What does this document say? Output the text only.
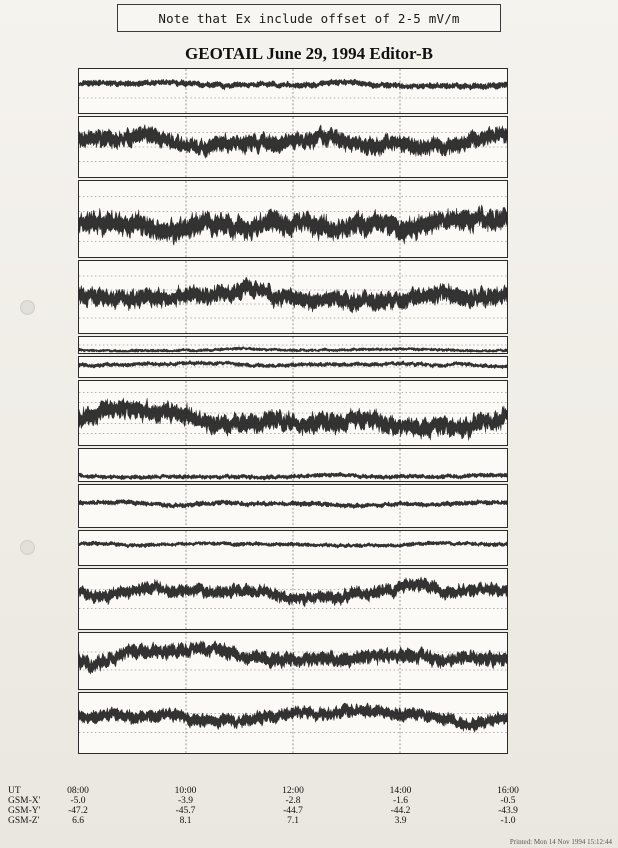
Note that Ex include offset of 2-5 mV/m
GEOTAIL June 29, 1994 Editor-B
UT	08:00	10:00	12:00	14:00	16:00
GSM-X'	-5.0	-3.9	-2.8	-1.6	-0.5
GSM-Y'	-47.2	-45.7	-44.7	-44.2	-43.9
GSM-Z'	6.6	8.1	7.1	3.9	-1.0
Printed: Mon 14 Nov 1994 15:12:44
